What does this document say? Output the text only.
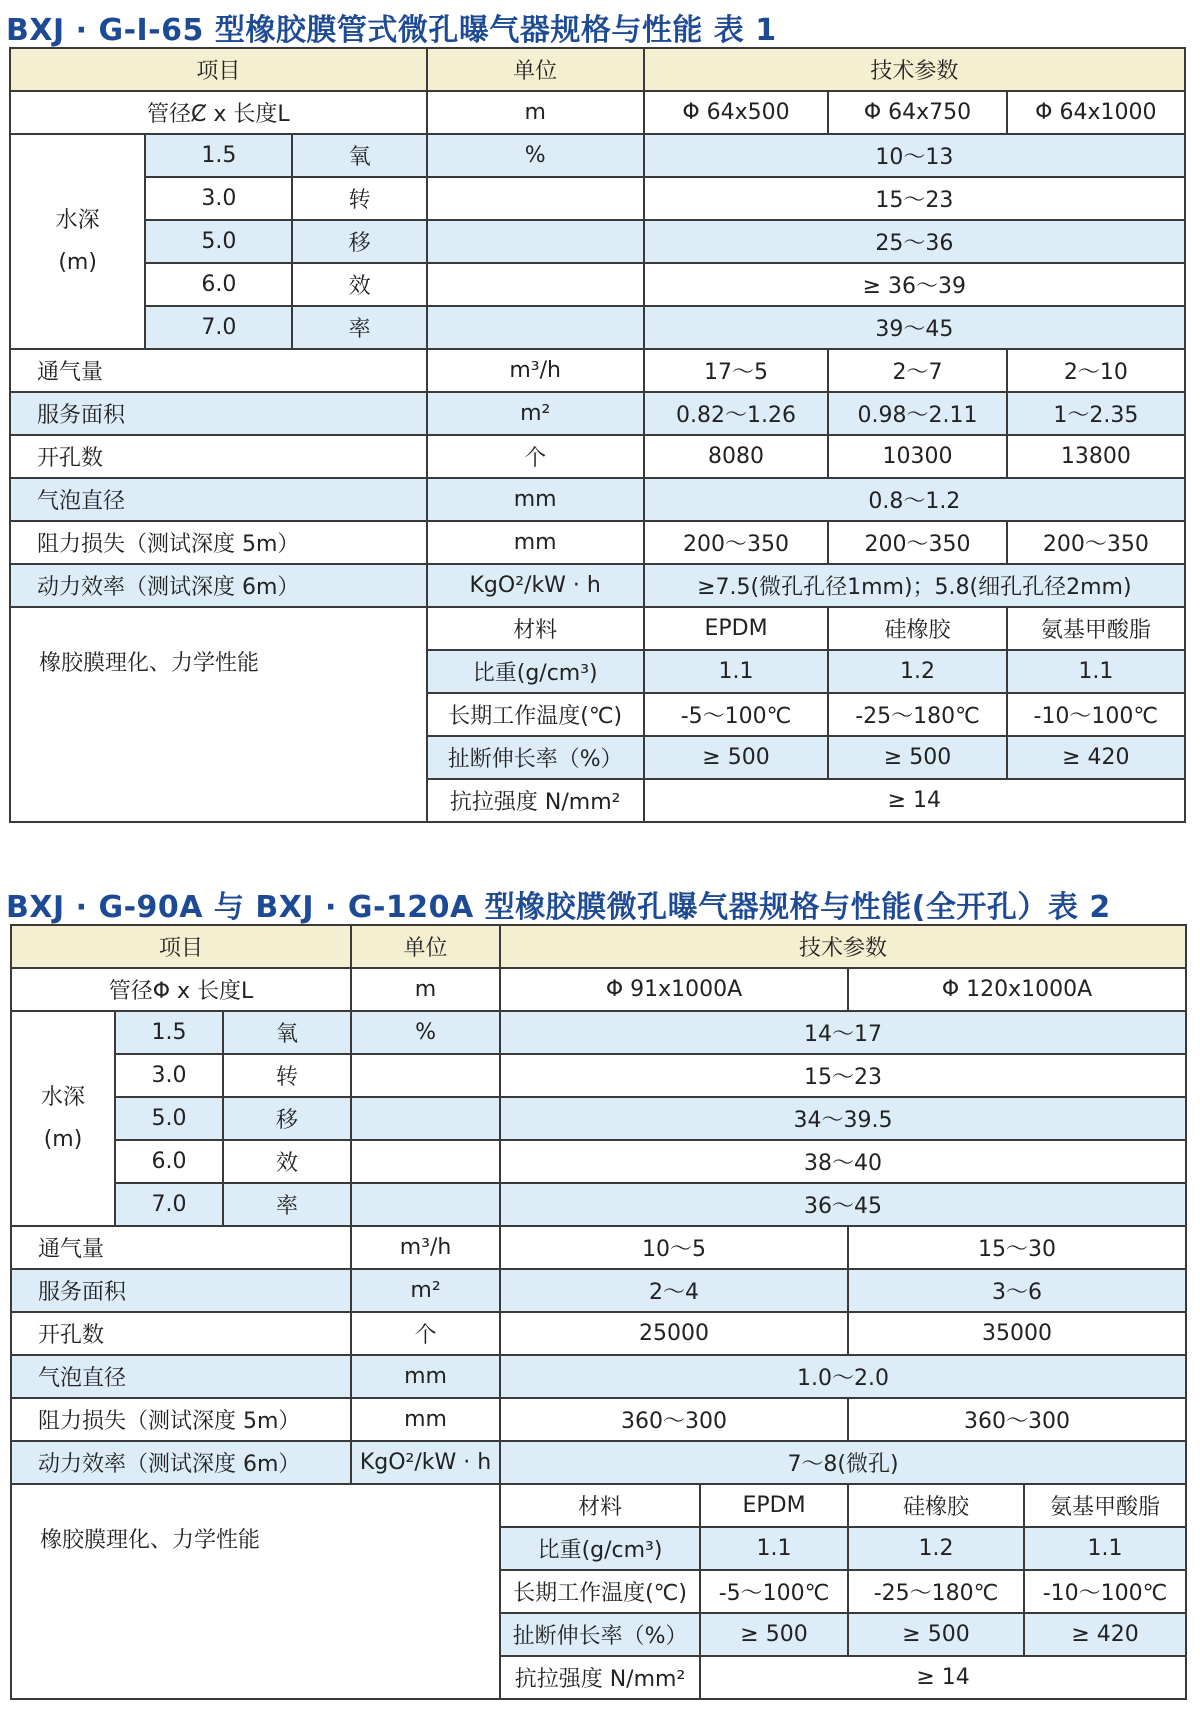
BXJ · G-I-65 型橡胶膜管式微孔曝气器规格与性能 表 1
项目			单位	技术参数		
管径Ȼ x 长度L			m	Φ 64x500	Φ 64x750	Φ 64x1000

水深
(m)	1.5	氧	%	10～13		
	3.0	转		15～23		
	5.0	移		25～36		
	6.0	效		≥ 36～39		
	7.0	率		39～45		
通气量			m³/h	17～5	2～7	2～10
服务面积			m²	0.82～1.26	0.98～2.11	1～2.35
开孔数			个	8080	10300	13800
气泡直径			mm	0.8～1.2		
阻力损失（测试深度 5m）			mm	200～350	200～350	200～350
动力效率（测试深度 6m）			KgO²/kW · h	≥7.5(微孔孔径1mm)；5.8(细孔孔径2mm)		
橡胶膜理化、力学性能			材料	EPDM	硅橡胶	氨基甲酸脂
			比重(g/cm³)	1.1	1.2	1.1
			长期工作温度(℃)	-5～100℃	-25～180℃	-10～100℃
			扯断伸长率（%）	≥ 500	≥ 500	≥ 420
			抗拉强度 N/mm²	≥ 14		
BXJ · G-90A 与 BXJ · G-120A 型橡胶膜微孔曝气器规格与性能(全开孔）表 2
项目			单位	技术参数			
管径Φ x 长度L			m	Φ 91x1000A		Φ 120x1000A	

水深
(m)	1.5	氧	%	14～17			
	3.0	转		15～23			
	5.0	移		34～39.5			
	6.0	效		38～40			
	7.0	率		36～45			
通气量			m³/h	10～5		15～30	
服务面积			m²	2～4		3～6	
开孔数			个	25000		35000	
气泡直径			mm	1.0～2.0			
阻力损失（测试深度 5m）			mm	360～300		360～300	
动力效率（测试深度 6m）			KgO²/kW · h	7～8(微孔)			
橡胶膜理化、力学性能				材料	EPDM	硅橡胶	氨基甲酸脂
				比重(g/cm³)	1.1	1.2	1.1
				长期工作温度(℃)	-5～100℃	-25～180℃	-10～100℃
				扯断伸长率（%）	≥ 500	≥ 500	≥ 420
				抗拉强度 N/mm²	≥ 14		
